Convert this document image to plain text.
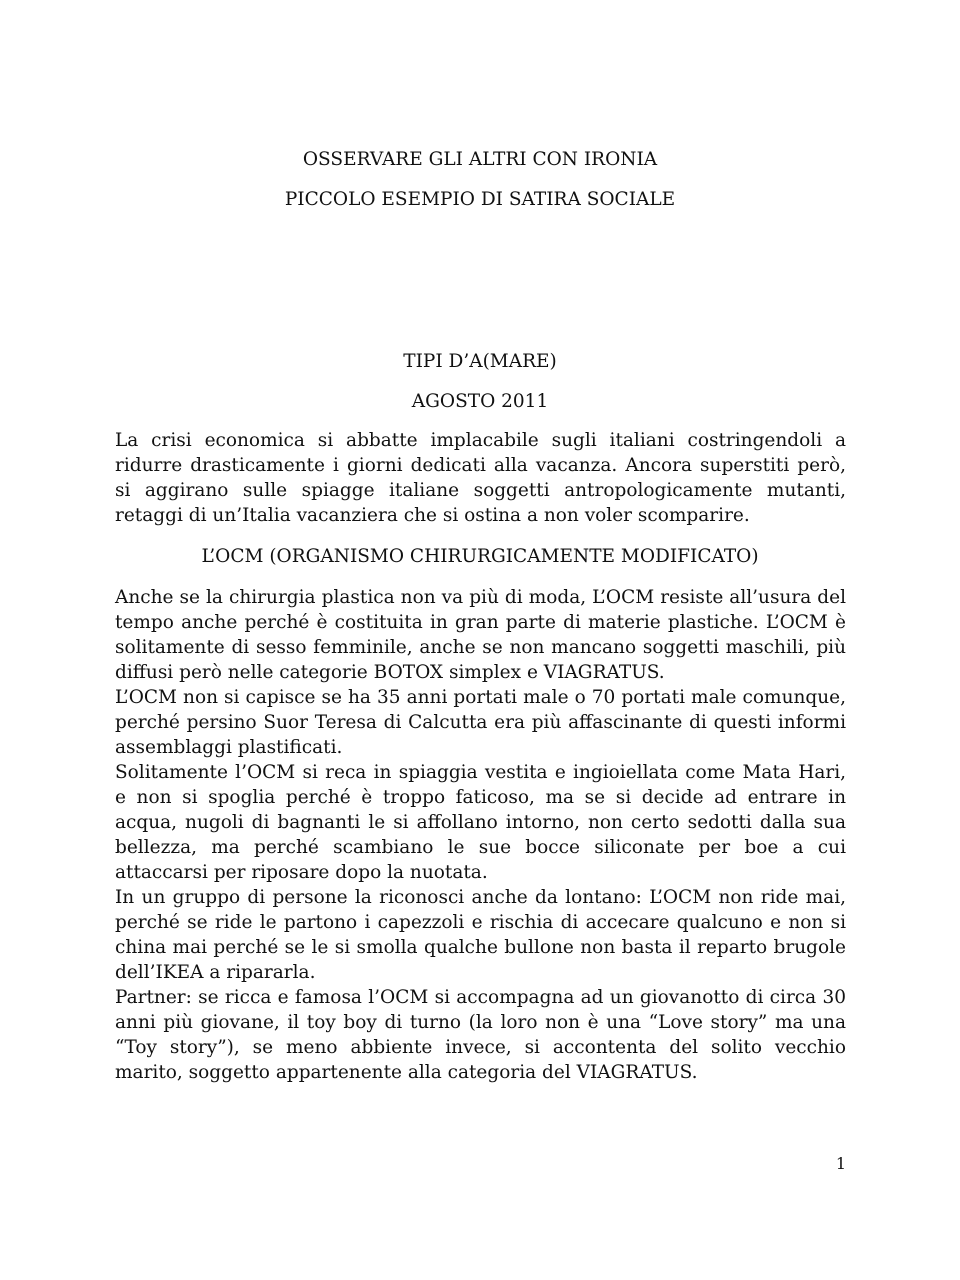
OSSERVARE GLI ALTRI CON IRONIA
PICCOLO ESEMPIO DI SATIRA SOCIALE
TIPI D’A(MARE)
AGOSTO 2011

La crisi economica si abbatte implacabile sugli italiani costringendoli a ridurre drasticamente i giorni dedicati alla vacanza. Ancora superstiti però, si aggirano sulle spiagge italiane soggetti antropologicamente mutanti, retaggi di un’Italia vacanziera che si ostina a non voler scomparire.

L’OCM (ORGANISMO CHIRURGICAMENTE MODIFICATO)

Anche se la chirurgia plastica non va più di moda, L’OCM resiste all’usura del tempo anche perché è costituita in gran parte di materie plastiche. L’OCM è solitamente di sesso femminile, anche se non mancano soggetti maschili, più diffusi però nelle categorie BOTOX simplex e VIAGRATUS.

L’OCM non si capisce se ha 35 anni portati male o 70 portati male comunque, perché persino Suor Teresa di Calcutta era più affascinante di questi informi assemblaggi plastificati.

Solitamente l’OCM si reca in spiaggia vestita e ingioiellata come Mata Hari, e non si spoglia perché è troppo faticoso, ma se si decide ad entrare in acqua, nugoli di bagnanti le si affollano intorno, non certo sedotti dalla sua bellezza, ma perché scambiano le sue bocce siliconate per boe a cui attaccarsi per riposare dopo la nuotata.

In un gruppo di persone la riconosci anche da lontano: L’OCM non ride mai, perché se ride le partono i capezzoli e rischia di accecare qualcuno e non si china mai perché se le si smolla qualche bullone non basta il reparto brugole dell’IKEA a ripararla.

Partner: se ricca e famosa l’OCM si accompagna ad un giovanotto di circa 30 anni più giovane, il toy boy di turno (la loro non è una “Love story” ma una “Toy story”), se meno abbiente invece, si accontenta del solito vecchio marito, soggetto appartenente alla categoria del VIAGRATUS.

1
